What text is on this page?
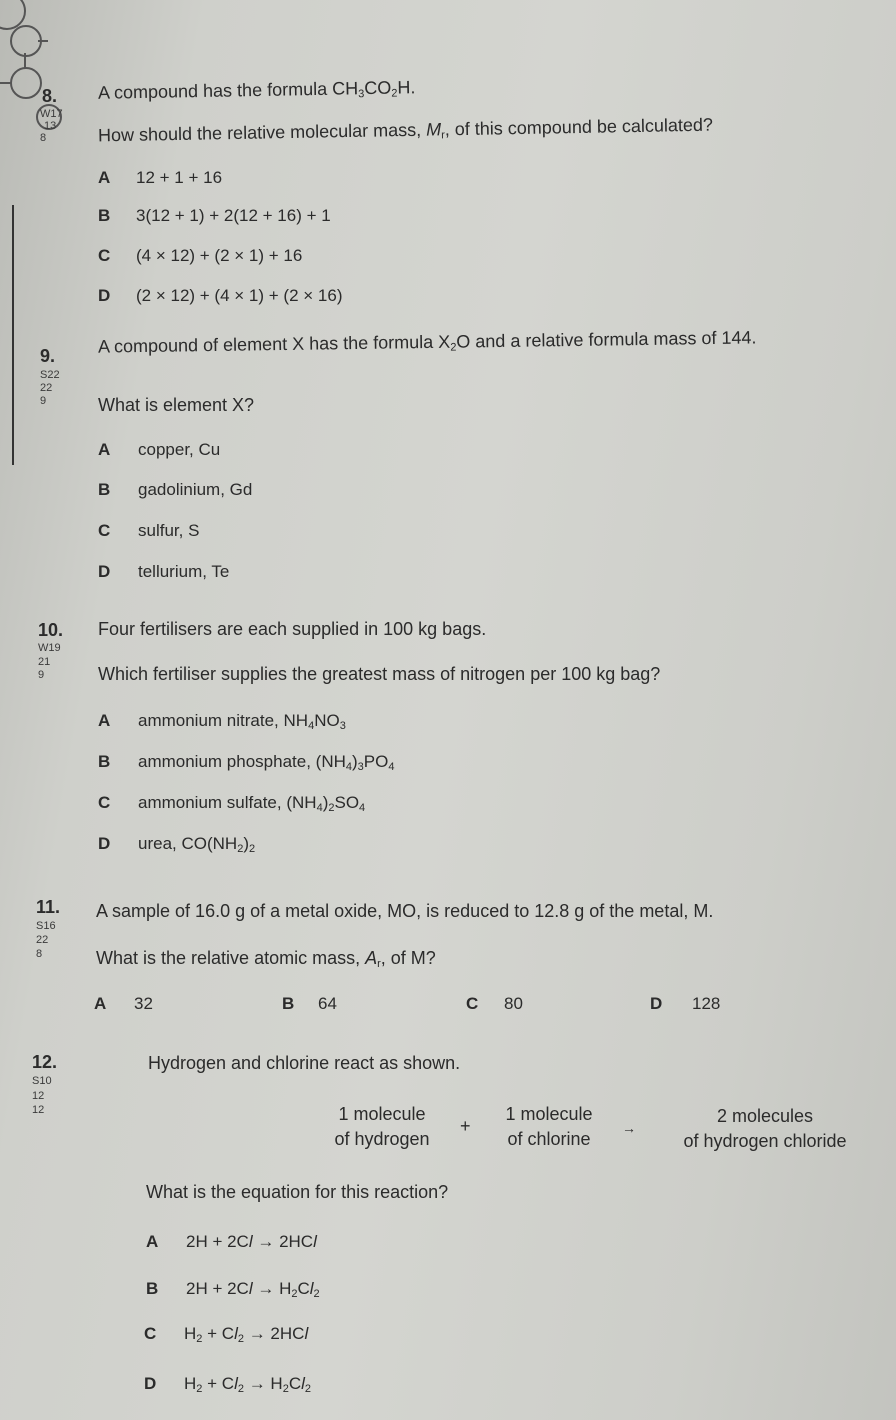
8.
W17
13
8
A compound has the formula $CH_3CO_2H$.
How should the relative molecular mass, $M_r$, of this compound be calculated?
A 12 + 1 + 16
B 3(12 + 1) + 2(12 + 16) + 1
C (4 × 12) + (2 × 1) + 16
D (2 × 12) + (4 × 1) + (2 × 16)
9.
S22
22
9
A compound of element X has the formula $X_2O$ and a relative formula mass of 144.
What is element X?
A copper, Cu
B gadolinium, Gd
C sulfur, S
D tellurium, Te
10.
W19
21
9
Four fertilisers are each supplied in 100 kg bags.
Which fertiliser supplies the greatest mass of nitrogen per 100 kg bag?
A ammonium nitrate, $NH_4NO_3$
B ammonium phosphate, $(NH_4)_3PO_4$
C ammonium sulfate, $(NH_4)_2SO_4$
D urea, $CO(NH_2)_2$
11.
S16
22
8
A sample of 16.0 g of a metal oxide, MO, is reduced to 12.8 g of the metal, M.
What is the relative atomic mass, $A_r$, of M?
A 32	B 64	C 80	D 128
12.
S10
12
12
Hydrogen and chlorine react as shown.
1 molecule
of hydrogen
+
1 molecule
of chlorine
→
2 molecules
of hydrogen chloride
What is the equation for this reaction?
A 2H + 2Cl → 2HCl
B $2H + 2Cl \to H_2Cl_2$
C $H_2 + Cl_2 \to 2HCl$
D $H_2 + Cl_2 \to H_2Cl_2$
